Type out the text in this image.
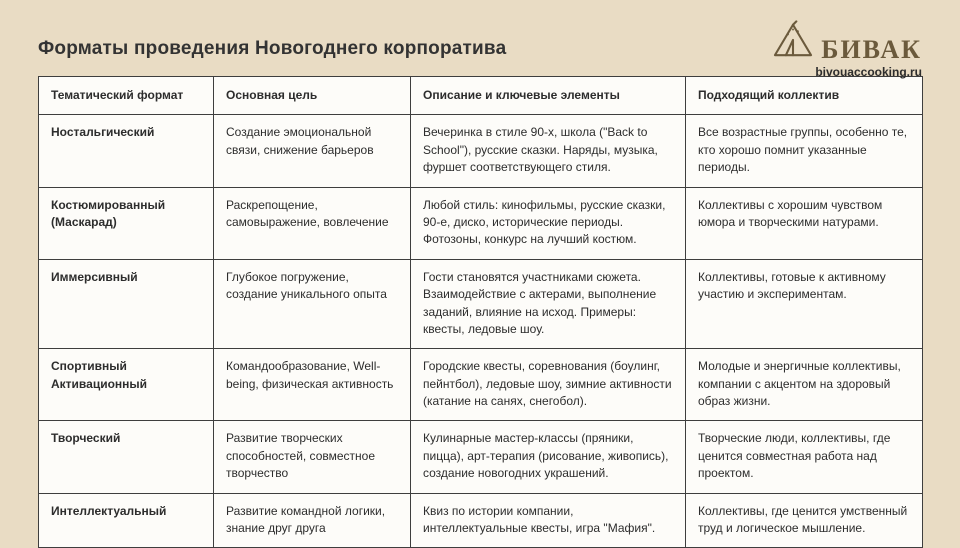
Форматы проведения Новогоднего корпоратива	БИВАК
bivouaccooking.ru
Тематический формат	Основная цель	Описание и ключевые элементы	Подходящий коллектив
Ностальгический	Создание эмоциональной связи, снижение барьеров	Вечеринка в стиле 90-х, школа ("Back to School"), русские сказки. Наряды, музыка, фуршет соответствующего стиля.	Все возрастные группы, особенно те, кто хорошо помнит указанные периоды.
Костюмированный (Маскарад)	Раскрепощение, самовыражение, вовлечение	Любой стиль: кинофильмы, русские сказки, 90-е, диско, исторические периоды. Фотозоны, конкурс на лучший костюм.	Коллективы с хорошим чувством юмора и творческими натурами.
Иммерсивный	Глубокое погружение, создание уникального опыта	Гости становятся участниками сюжета. Взаимодействие с актерами, выполнение заданий, влияние на исход. Примеры: квесты, ледовые шоу.	Коллективы, готовые к активному участию и экспериментам.
Спортивный Активационный	Командообразование, Well-being, физическая активность	Городские квесты, соревнования (боулинг, пейнтбол), ледовые шоу, зимние активности (катание на санях, снегобол).	Молодые и энергичные коллективы, компании с акцентом на здоровый образ жизни.
Творческий	Развитие творческих способностей, совместное творчество	Кулинарные мастер-классы (пряники, пицца), арт-терапия (рисование, живопись), создание новогодних украшений.	Творческие люди, коллективы, где ценится совместная работа над проектом.
Интеллектуальный	Развитие командной логики, знание друг друга	Квиз по истории компании, интеллектуальные квесты, игра "Мафия".	Коллективы, где ценится умственный труд и логическое мышление.
